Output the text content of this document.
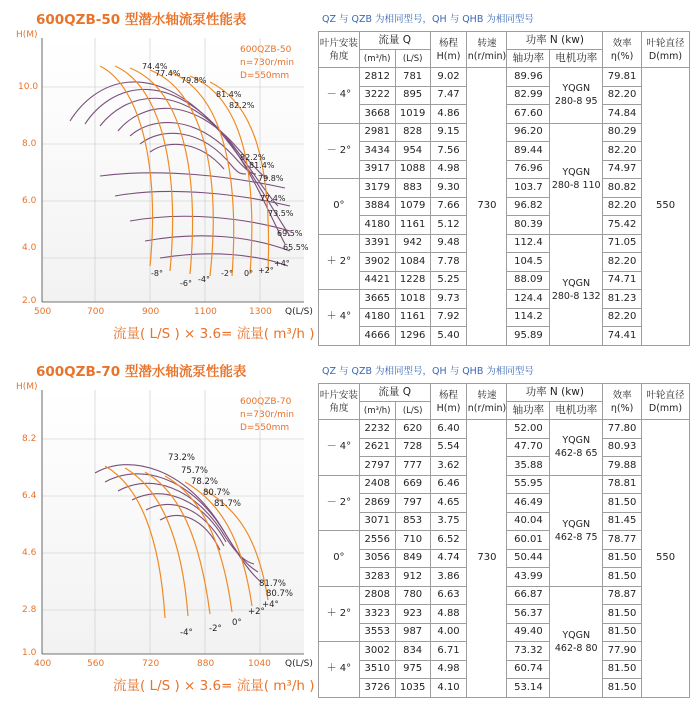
600QZB-50 型潜水轴流泵性能表	QZ 与 QZB 为相同型号，QH 与 QHB 为相同型号
H(M)
600QZB-50
n=730r/min
D=550mm
10.0
8.0
6.0
4.0
2.0
500	700	900	1100	1300 Q(L/S)
流量( L/S ) × 3.6= 流量( m³/h )
74.4%
77.4%
79.8%
81.4%
82.2%
82.2%
81.4%
79.8%
77.4%
73.5%
69.5%
65.5%
-8°
-6° -4°
-2° 0° +2°
+4°
叶片安装角度	流量 Q		杨程H(m)	转速n(r/min)	功率 N (kw)		效率η(%)	叶轮直径D(mm)
	(m³/h)	(L/S)			轴功率	电机功率		
－ 4°	2812	781	9.02	730	89.96	YQGN 280-8 95	79.81	550
	3222	895	7.47		82.99		82.20	
	3668	1019	4.86		67.60		74.84	
－ 2°	2981	828	9.15		96.20	YQGN 280-8 110	80.29	
	3434	954	7.56		89.44		82.20	
	3917	1088	4.98		76.96		74.97	
0°	3179	883	9.30		103.7		80.82	
	3884	1079	7.66		96.82		82.20	
	4180	1161	5.12		80.39		75.42	
＋ 2°	3391	942	9.48		112.4	YQGN 280-8 132	71.05	
	3902	1084	7.78		104.5		82.20	
	4421	1228	5.25		88.09		74.71	
＋ 4°	3665	1018	9.73		124.4		81.23	
	4180	1161	7.92		114.2		82.20	
	4666	1296	5.40		95.89		74.41	
600QZB-70 型潜水轴流泵性能表	QZ 与 QZB 为相同型号，QH 与 QHB 为相同型号
H(M)
600QZB-70
n=730r/min
D=550mm
8.2
6.4
4.6
2.8
1.0
400	560	720	880	1040 Q(L/S)
流量( L/S ) × 3.6= 流量( m³/h )
73.2%
75.7%
78.2%
80.7%
81.7%
81.7%
80.7%
-4° -2°
0°
+2°
+4°
叶片安装角度	流量 Q		杨程H(m)	转速n(r/min)	功率 N (kw)		效率η(%)	叶轮直径D(mm)
	(m³/h)	(L/S)			轴功率	电机功率		
－ 4°	2232	620	6.40	730	52.00	YQGN 462-8 65	77.80	550
	2621	728	5.54		47.70		80.93	
	2797	777	3.62		35.88		79.88	
－ 2°	2408	669	6.46		55.95	YQGN 462-8 75	78.81	
	2869	797	4.65		46.49		81.50	
	3071	853	3.75		40.04		81.45	
0°	2556	710	6.52		60.01		78.77	
	3056	849	4.74		50.44		81.50	
	3283	912	3.86		43.99		81.50	
＋ 2°	2808	780	6.63		66.87	YQGN 462-8 80	78.87	
	3323	923	4.88		56.37		81.50	
	3553	987	4.00		49.40		81.50	
＋ 4°	3002	834	6.71		73.32		77.90	
	3510	975	4.98		60.74		81.50	
	3726	1035	4.10		53.14		81.50	
